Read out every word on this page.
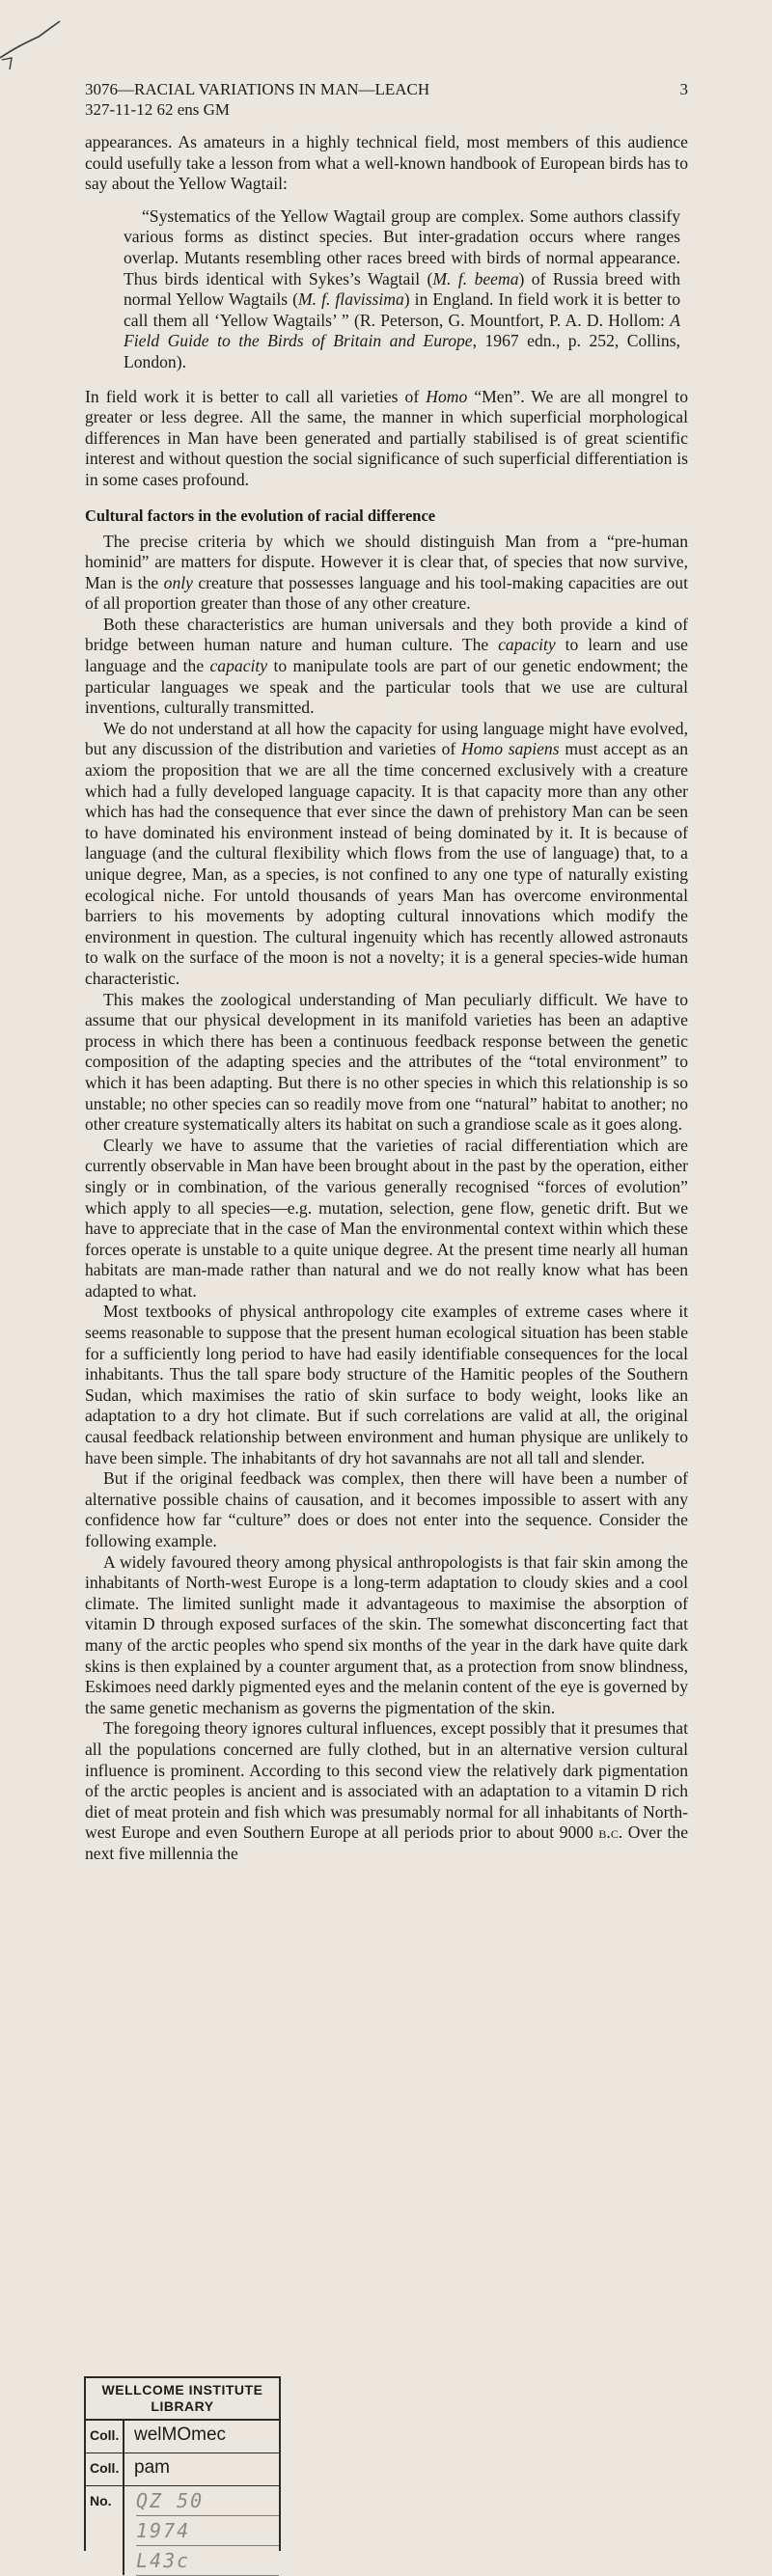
3076—RACIAL VARIATIONS IN MAN—LEACH	3
327-11-12 62 ens GM

appearances. As amateurs in a highly technical field, most members of this audience could usefully take a lesson from what a well-known handbook of European birds has to say about the Yellow Wagtail:

“Systematics of the Yellow Wagtail group are complex. Some authors classify various forms as distinct species. But inter-gradation occurs where ranges overlap. Mutants resembling other races breed with birds of normal appearance. Thus birds identical with Sykes’s Wagtail (M. f. beema) of Russia breed with normal Yellow Wagtails (M. f. flavissima) in England. In field work it is better to call them all ‘Yellow Wagtails’ ” (R. Peterson, G. Mountfort, P. A. D. Hollom: A Field Guide to the Birds of Britain and Europe, 1967 edn., p. 252, Collins, London).

In field work it is better to call all varieties of Homo “Men”. We are all mongrel to greater or less degree. All the same, the manner in which superficial morphological differences in Man have been generated and partially stabilised is of great scientific interest and without question the social significance of such superficial differentiation is in some cases profound.

Cultural factors in the evolution of racial difference

The precise criteria by which we should distinguish Man from a “pre-human hominid” are matters for dispute. However it is clear that, of species that now survive, Man is the only creature that possesses language and his tool-making capacities are out of all proportion greater than those of any other creature.

Both these characteristics are human universals and they both provide a kind of bridge between human nature and human culture. The capacity to learn and use language and the capacity to manipulate tools are part of our genetic endowment; the particular languages we speak and the particular tools that we use are cultural inventions, culturally transmitted.

We do not understand at all how the capacity for using language might have evolved, but any discussion of the distribution and varieties of Homo sapiens must accept as an axiom the proposition that we are all the time concerned exclusively with a creature which had a fully developed language capacity. It is that capacity more than any other which has had the consequence that ever since the dawn of prehistory Man can be seen to have dominated his environment instead of being dominated by it. It is because of language (and the cultural flexibility which flows from the use of language) that, to a unique degree, Man, as a species, is not confined to any one type of naturally existing ecological niche. For untold thousands of years Man has overcome environmental barriers to his movements by adopting cultural innovations which modify the environment in question. The cultural ingenuity which has recently allowed astronauts to walk on the surface of the moon is not a novelty; it is a general species-wide human characteristic.

This makes the zoological understanding of Man peculiarly difficult. We have to assume that our physical development in its manifold varieties has been an adaptive process in which there has been a continuous feedback response between the genetic composition of the adapting species and the attributes of the “total environment” to which it has been adapting. But there is no other species in which this relationship is so unstable; no other species can so readily move from one “natural” habitat to another; no other creature systematically alters its habitat on such a grandiose scale as it goes along.

Clearly we have to assume that the varieties of racial differentiation which are currently observable in Man have been brought about in the past by the operation, either singly or in combination, of the various generally recognised “forces of evolution” which apply to all species—e.g. mutation, selection, gene flow, genetic drift. But we have to appreciate that in the case of Man the environmental context within which these forces operate is unstable to a quite unique degree. At the present time nearly all human habitats are man-made rather than natural and we do not really know what has been adapted to what.

Most textbooks of physical anthropology cite examples of extreme cases where it seems reasonable to suppose that the present human ecological situation has been stable for a sufficiently long period to have had easily identifiable consequences for the local inhabitants. Thus the tall spare body structure of the Hamitic peoples of the Southern Sudan, which maximises the ratio of skin surface to body weight, looks like an adaptation to a dry hot climate. But if such correlations are valid at all, the original causal feedback relationship between environment and human physique are unlikely to have been simple. The inhabitants of dry hot savannahs are not all tall and slender.

But if the original feedback was complex, then there will have been a number of alternative possible chains of causation, and it becomes impossible to assert with any confidence how far “culture” does or does not enter into the sequence. Consider the following example.

A widely favoured theory among physical anthropologists is that fair skin among the inhabitants of North-west Europe is a long-term adaptation to cloudy skies and a cool climate. The limited sunlight made it advantageous to maximise the absorption of vitamin D through exposed surfaces of the skin. The somewhat disconcerting fact that many of the arctic peoples who spend six months of the year in the dark have quite dark skins is then explained by a counter argument that, as a protection from snow blindness, Eskimoes need darkly pigmented eyes and the melanin content of the eye is governed by the same genetic mechanism as governs the pigmentation of the skin.

The foregoing theory ignores cultural influences, except possibly that it presumes that all the populations concerned are fully clothed, but in an alternative version cultural influence is prominent. According to this second view the relatively dark pigmentation of the arctic peoples is ancient and is associated with an adaptation to a vitamin D rich diet of meat protein and fish which was presumably normal for all inhabitants of North-west Europe and even Southern Europe at all periods prior to about 9000 b.c. Over the next five millennia the

WELLCOME INSTITUTE
LIBRARY
Coll. welMOmec
Coll. pam
No.	QZ 50
1974
L43c
